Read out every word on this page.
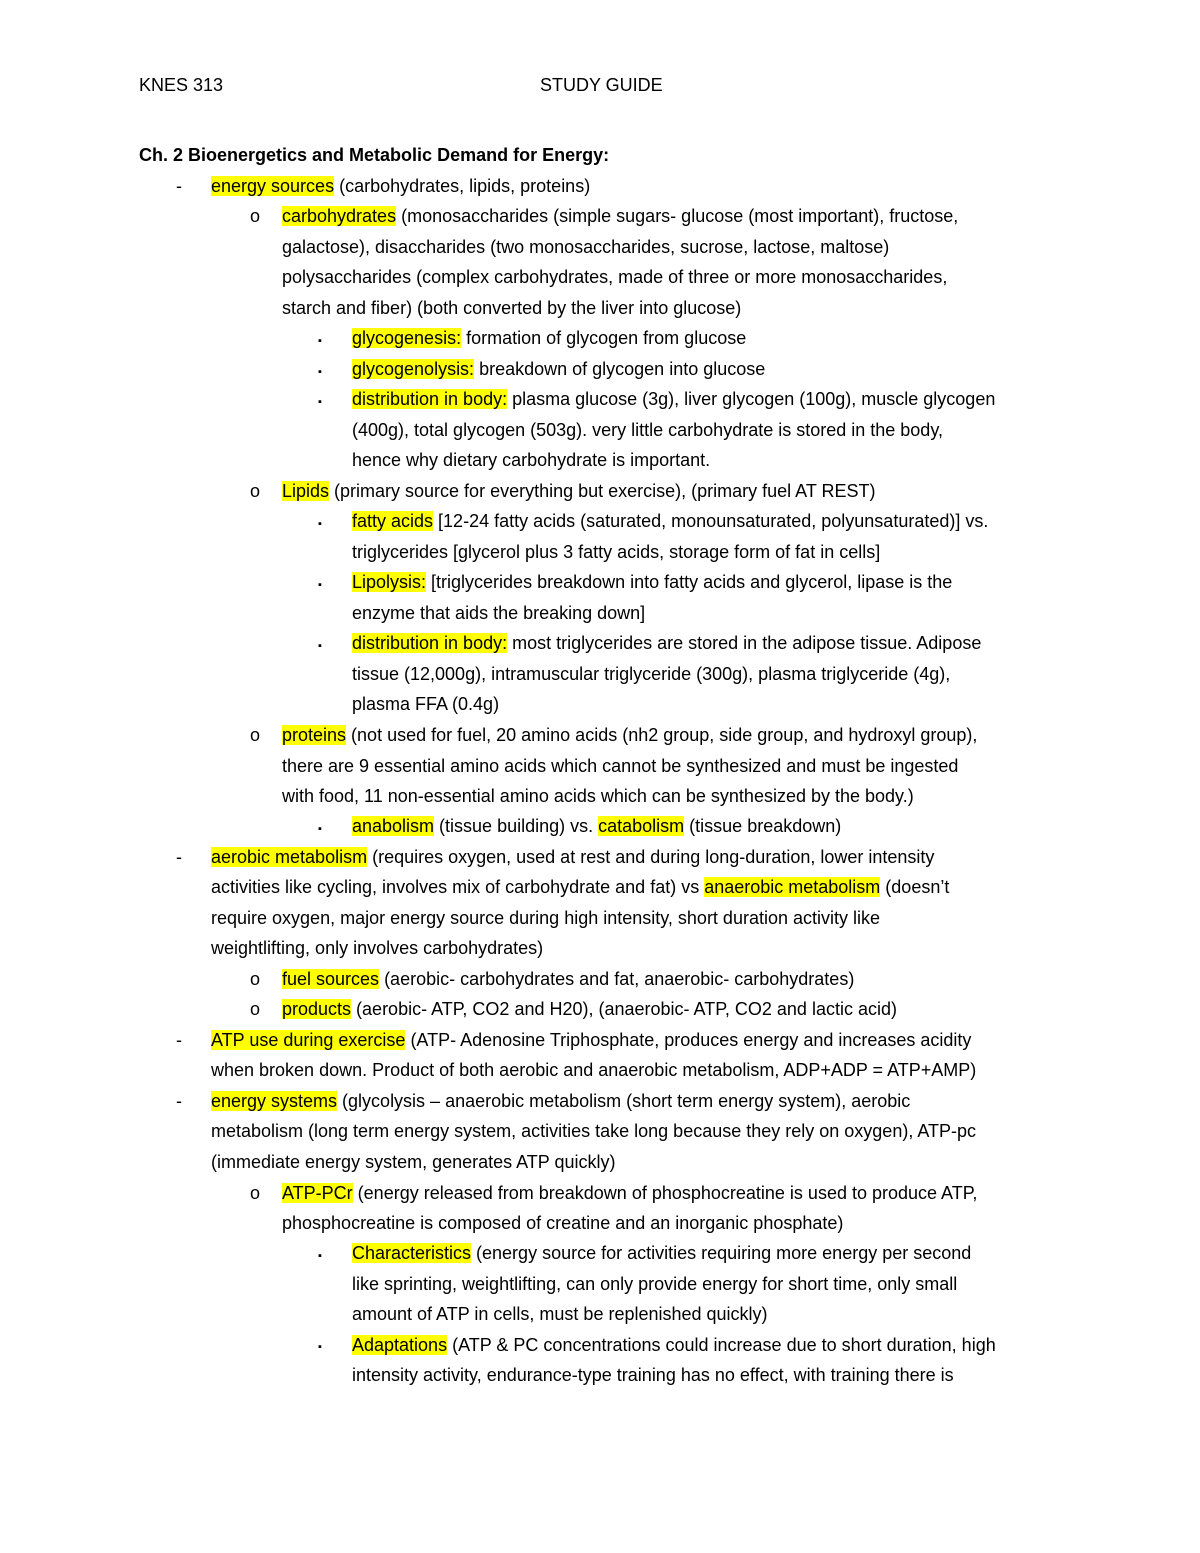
KNES 313	STUDY GUIDE
Ch. 2 Bioenergetics and Metabolic Demand for Energy:
- energy sources (carbohydrates, lipids, proteins)
o carbohydrates (monosaccharides (simple sugars- glucose (most important), fructose,
galactose), disaccharides (two monosaccharides, sucrose, lactose, maltose)
polysaccharides (complex carbohydrates, made of three or more monosaccharides,
starch and fiber) (both converted by the liver into glucose)
▪ glycogenesis: formation of glycogen from glucose
▪ glycogenolysis: breakdown of glycogen into glucose
▪ distribution in body: plasma glucose (3g), liver glycogen (100g), muscle glycogen
(400g), total glycogen (503g). very little carbohydrate is stored in the body,
hence why dietary carbohydrate is important.
o Lipids (primary source for everything but exercise), (primary fuel AT REST)
▪ fatty acids [12-24 fatty acids (saturated, monounsaturated, polyunsaturated)] vs.
triglycerides [glycerol plus 3 fatty acids, storage form of fat in cells]
▪ Lipolysis: [triglycerides breakdown into fatty acids and glycerol, lipase is the
enzyme that aids the breaking down]
▪ distribution in body: most triglycerides are stored in the adipose tissue. Adipose
tissue (12,000g), intramuscular triglyceride (300g), plasma triglyceride (4g),
plasma FFA (0.4g)
o proteins (not used for fuel, 20 amino acids (nh2 group, side group, and hydroxyl group),
there are 9 essential amino acids which cannot be synthesized and must be ingested
with food, 11 non-essential amino acids which can be synthesized by the body.)
▪ anabolism (tissue building) vs. catabolism (tissue breakdown)
- aerobic metabolism (requires oxygen, used at rest and during long-duration, lower intensity
activities like cycling, involves mix of carbohydrate and fat) vs anaerobic metabolism (doesn’t
require oxygen, major energy source during high intensity, short duration activity like
weightlifting, only involves carbohydrates)
o fuel sources (aerobic- carbohydrates and fat, anaerobic- carbohydrates)
o products (aerobic- ATP, CO2 and H20), (anaerobic- ATP, CO2 and lactic acid)
- ATP use during exercise (ATP- Adenosine Triphosphate, produces energy and increases acidity
when broken down. Product of both aerobic and anaerobic metabolism, ADP+ADP = ATP+AMP)
- energy systems (glycolysis – anaerobic metabolism (short term energy system), aerobic
metabolism (long term energy system, activities take long because they rely on oxygen), ATP-pc
(immediate energy system, generates ATP quickly)
o ATP-PCr (energy released from breakdown of phosphocreatine is used to produce ATP,
phosphocreatine is composed of creatine and an inorganic phosphate)
▪ Characteristics (energy source for activities requiring more energy per second
like sprinting, weightlifting, can only provide energy for short time, only small
amount of ATP in cells, must be replenished quickly)
▪ Adaptations (ATP & PC concentrations could increase due to short duration, high
intensity activity, endurance-type training has no effect, with training there is
